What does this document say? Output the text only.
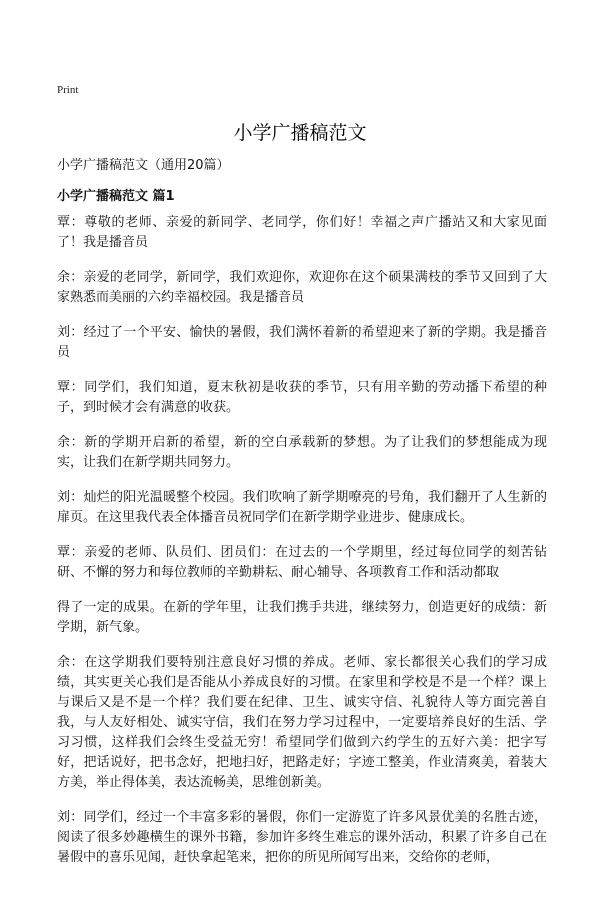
Print
小学广播稿范文
小学广播稿范文（通用20篇）
小学广播稿范文 篇1

覃：尊敬的老师、亲爱的新同学、老同学，你们好！幸福之声广播站又和大家见面了！我是播音员

余：亲爱的老同学，新同学，我们欢迎你，欢迎你在这个硕果满枝的季节又回到了大家熟悉而美丽的六约幸福校园。我是播音员

刘：经过了一个平安、愉快的暑假，我们满怀着新的希望迎来了新的学期。我是播音员

覃：同学们，我们知道，夏末秋初是收获的季节，只有用辛勤的劳动播下希望的种子，到时候才会有满意的收获。

余：新的学期开启新的希望，新的空白承载新的梦想。为了让我们的梦想能成为现实，让我们在新学期共同努力。

刘：灿烂的阳光温暖整个校园。我们吹响了新学期嘹亮的号角，我们翻开了人生新的扉页。在这里我代表全体播音员祝同学们在新学期学业进步、健康成长。

覃：亲爱的老师、队员们、团员们：在过去的一个学期里，经过每位同学的刻苦钻研、不懈的努力和每位教师的辛勤耕耘、耐心辅导、各项教育工作和活动都取

得了一定的成果。在新的学年里，让我们携手共进，继续努力，创造更好的成绩：新学期，新气象。

余：在这学期我们要特别注意良好习惯的养成。老师、家长都很关心我们的学习成绩，其实更关心我们是否能从小养成良好的习惯。在家里和学校是不是一个样？课上与课后又是不是一个样？我们要在纪律、卫生、诚实守信、礼貌待人等方面完善自我，与人友好相处、诚实守信，我们在努力学习过程中，一定要培养良好的生活、学习习惯，这样我们会终生受益无穷！希望同学们做到六约学生的五好六美：把字写好，把话说好，把书念好，把地扫好，把路走好；字迹工整美，作业清爽美，着装大方美，举止得体美，表达流畅美，思维创新美。

刘：同学们，经过一个丰富多彩的暑假，你们一定游览了许多风景优美的名胜古迹，阅读了很多妙趣横生的课外书籍，参加许多终生难忘的课外活动，积累了许多自己在暑假中的喜乐见闻，赶快拿起笔来，把你的所见所闻写出来，交给你的老师，
